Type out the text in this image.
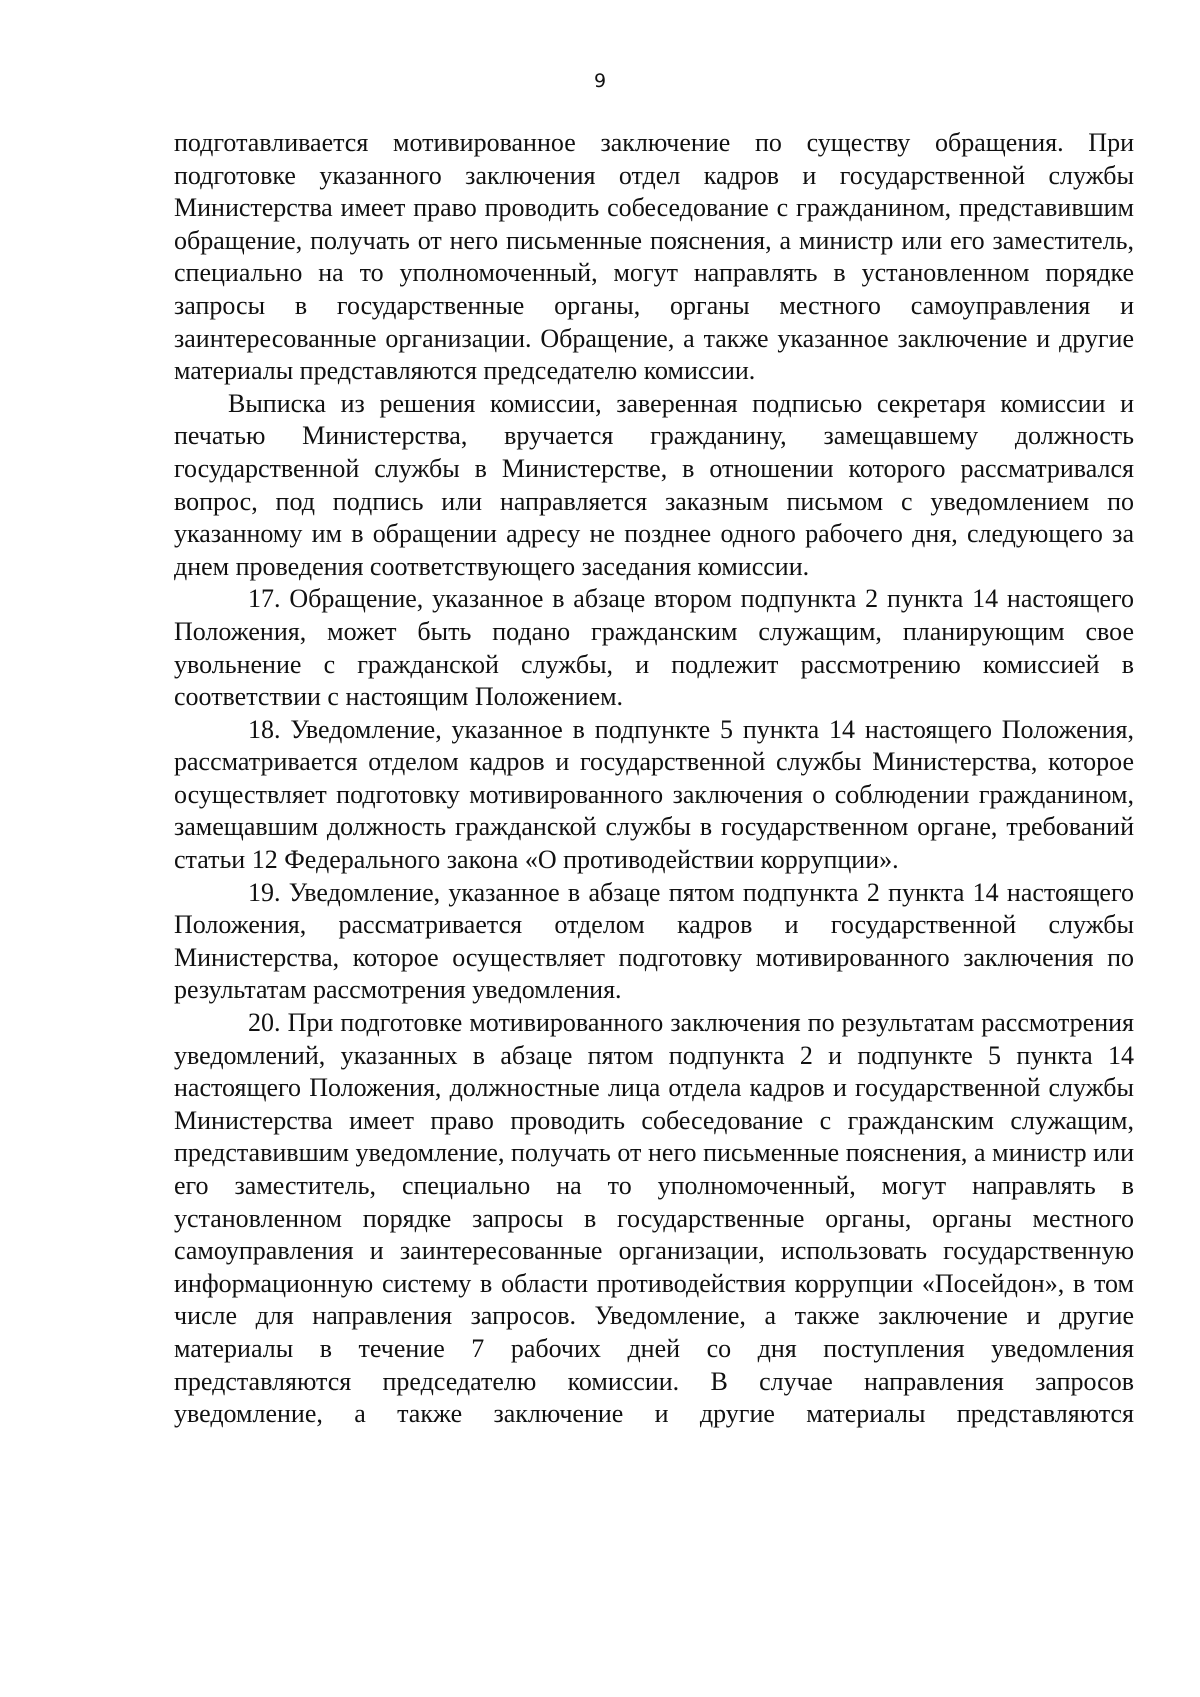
9

подготавливается мотивированное заключение по существу обращения. При подготовке указанного заключения отдел кадров и государственной службы Министерства имеет право проводить собеседование с гражданином, представившим обращение, получать от него письменные пояснения, а министр или его заместитель, специально на то уполномоченный, могут направлять в установленном порядке запросы в государственные органы, органы местного самоуправления и заинтересованные организации. Обращение, а также указанное заключение и другие материалы представляются председателю комиссии.

Выписка из решения комиссии, заверенная подписью секретаря комиссии и печатью Министерства, вручается гражданину, замещавшему должность государственной службы в Министерстве, в отношении которого рассматривался вопрос, под подпись или направляется заказным письмом с уведомлением по указанному им в обращении адресу не позднее одного рабочего дня, следующего за днем проведения соответствующего заседания комиссии.

17. Обращение, указанное в абзаце втором подпункта 2 пункта 14 настоящего Положения, может быть подано гражданским служащим, планирующим свое увольнение с гражданской службы, и подлежит рассмотрению комиссией в соответствии с настоящим Положением.

18. Уведомление, указанное в подпункте 5 пункта 14 настоящего Положения, рассматривается отделом кадров и государственной службы Министерства, которое осуществляет подготовку мотивированного заключения о соблюдении гражданином, замещавшим должность гражданской службы в государственном органе, требований статьи 12 Федерального закона «О противодействии коррупции».

19. Уведомление, указанное в абзаце пятом подпункта 2 пункта 14 настоящего Положения, рассматривается отделом кадров и государственной службы Министерства, которое осуществляет подготовку мотивированного заключения по результатам рассмотрения уведомления.

20. При подготовке мотивированного заключения по результатам рассмотрения уведомлений, указанных в абзаце пятом подпункта 2 и подпункте 5 пункта 14 настоящего Положения, должностные лица отдела кадров и государственной службы Министерства имеет право проводить собеседование с гражданским служащим, представившим уведомление, получать от него письменные пояснения, а министр или его заместитель, специально на то уполномоченный, могут направлять в установленном порядке запросы в государственные органы, органы местного самоуправления и заинтересованные организации, использовать государственную информационную систему в области противодействия коррупции «Посейдон», в том числе для направления запросов. Уведомление, а также заключение и другие материалы в течение 7 рабочих дней со дня поступления уведомления представляются председателю комиссии. В случае направления запросов уведомление, а также заключение и другие материалы представляются
